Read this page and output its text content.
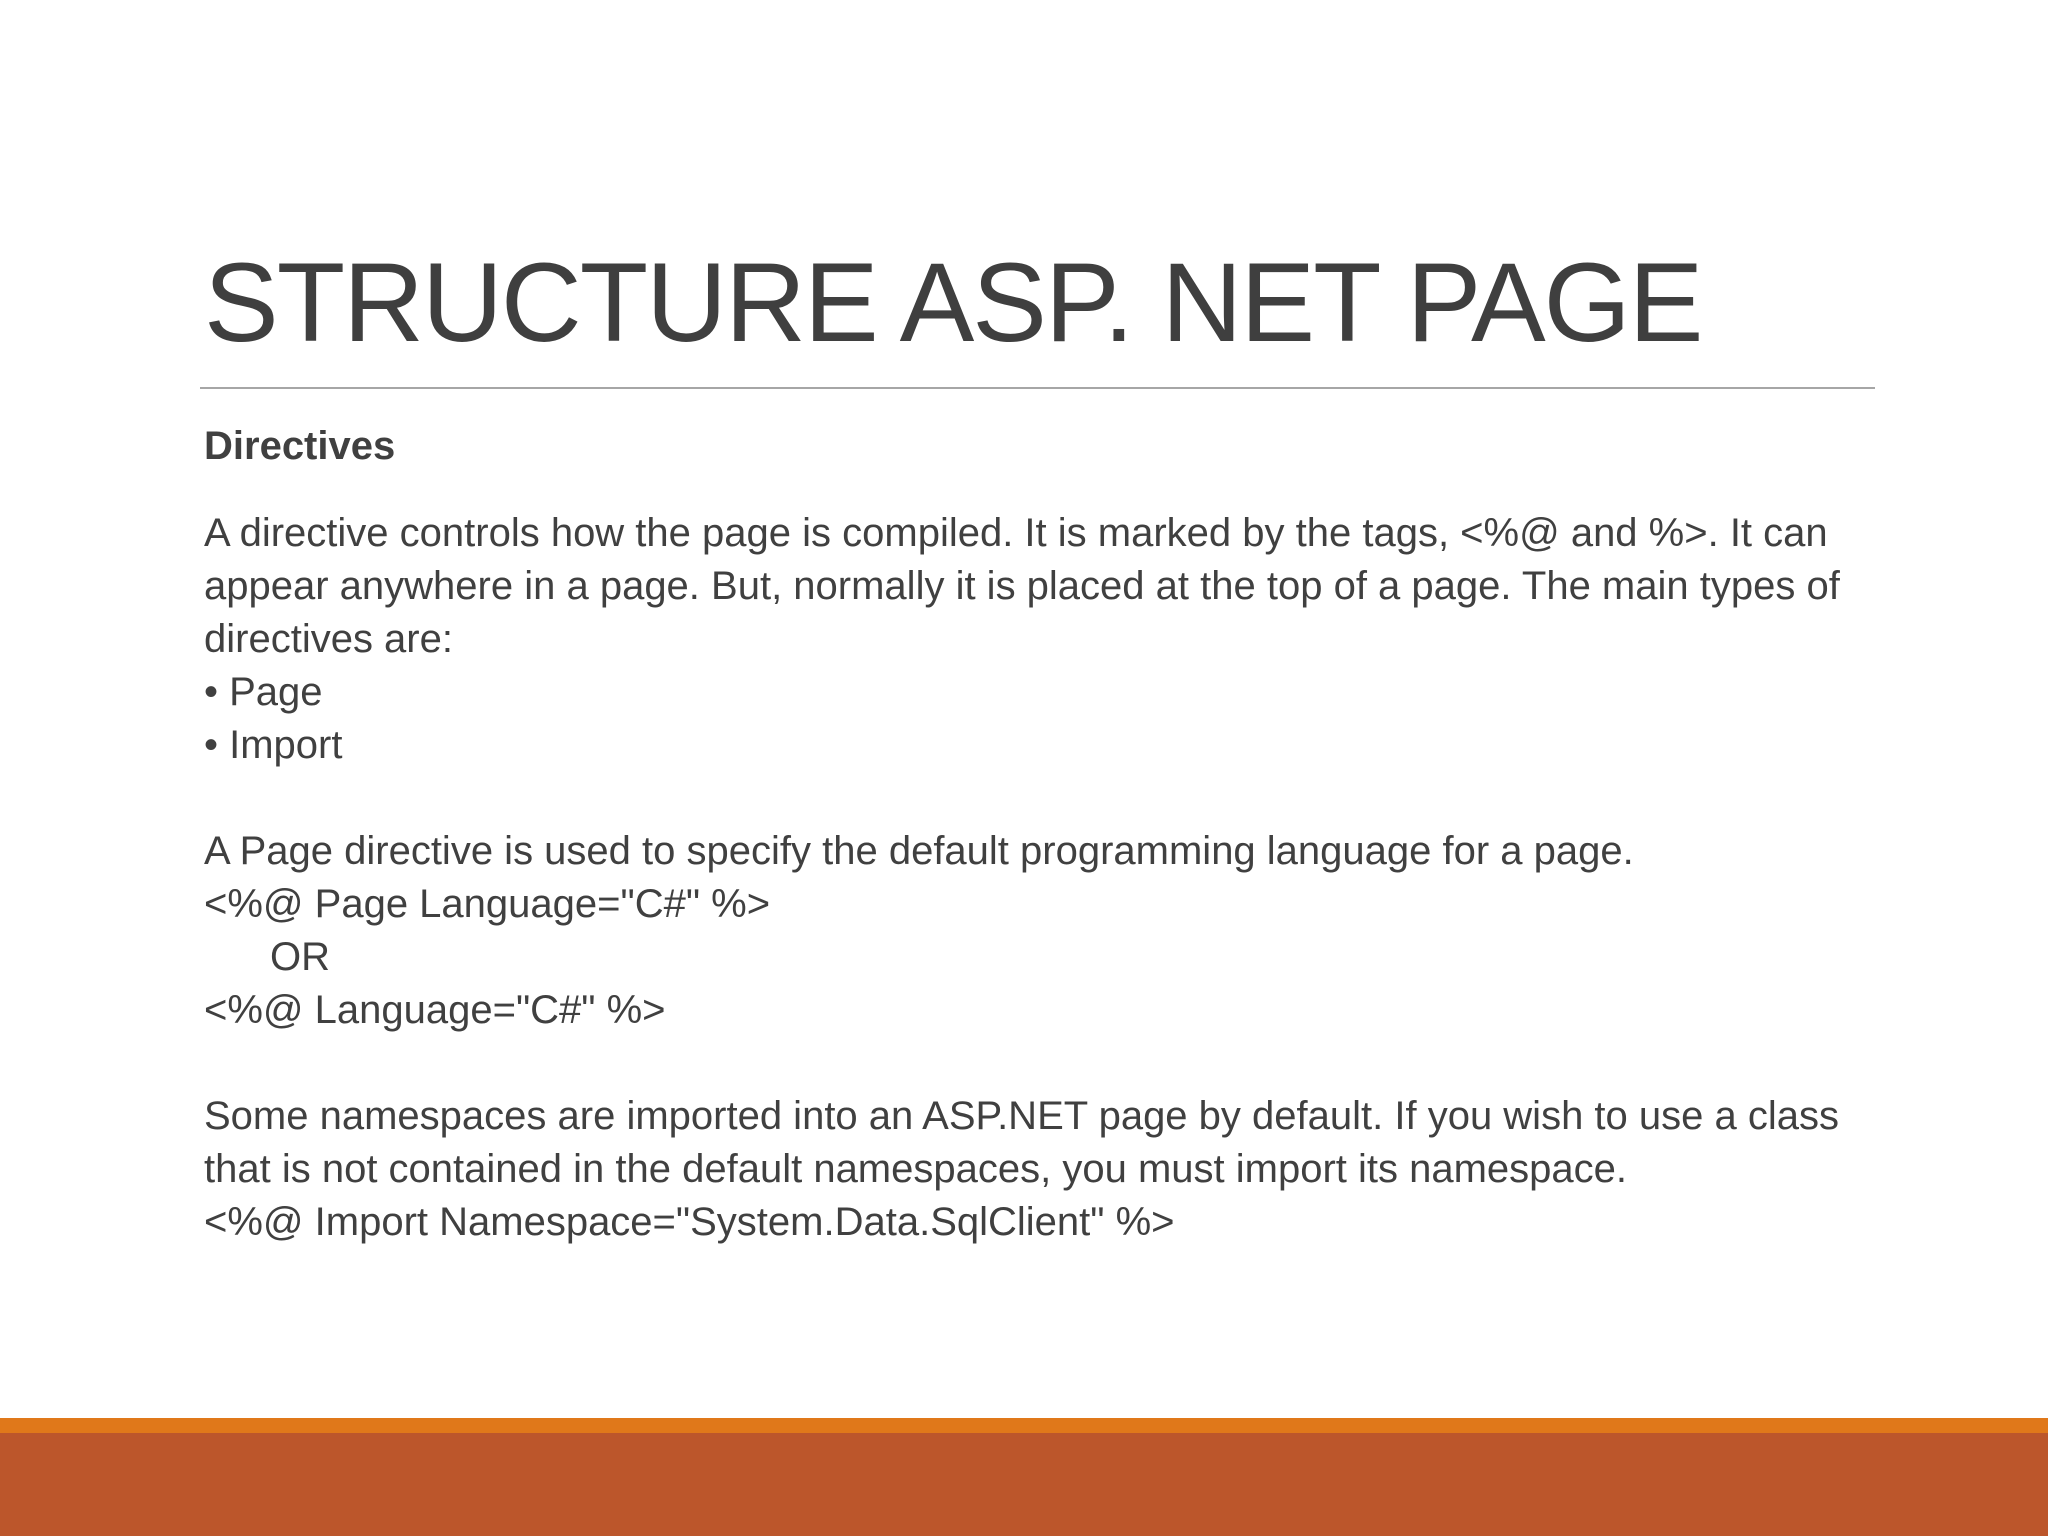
STRUCTURE ASP. NET PAGE
Directives

A directive controls how the page is compiled. It is marked by the tags, <%@ and %>. It can appear anywhere in a page. But, normally it is placed at the top of a page. The main types of directives are:

• Page

• Import

A Page directive is used to specify the default programming language for a page.

<%@ Page Language="C#" %>

OR

<%@ Language="C#" %>

Some namespaces are imported into an ASP.NET page by default. If you wish to use a class that is not contained in the default namespaces, you must import its namespace.

<%@ Import Namespace="System.Data.SqlClient" %>
